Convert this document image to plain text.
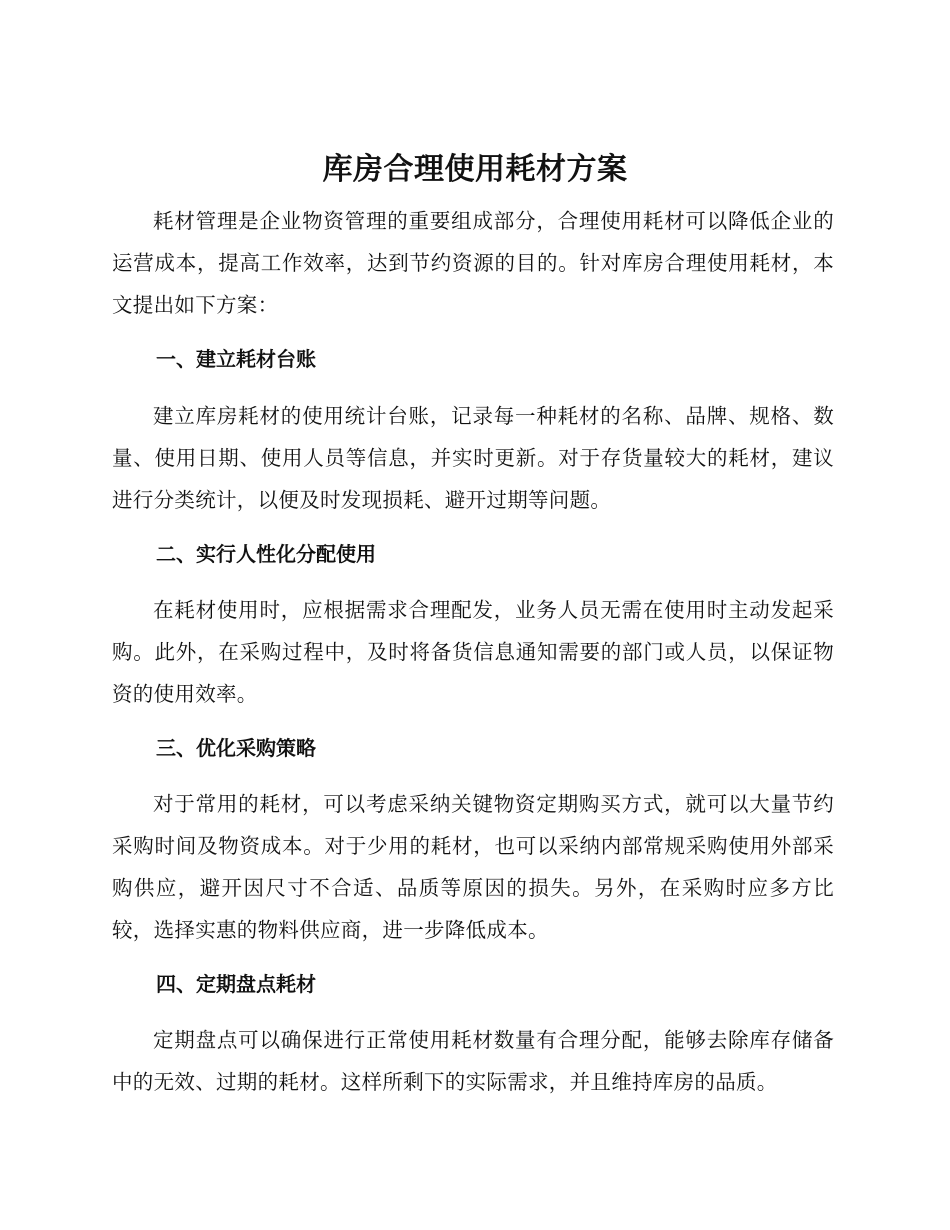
库房合理使用耗材方案

耗材管理是企业物资管理的重要组成部分，合理使用耗材可以降低企业的运营成本，提高工作效率，达到节约资源的目的。针对库房合理使用耗材，本文提出如下方案：

一、建立耗材台账

建立库房耗材的使用统计台账，记录每一种耗材的名称、品牌、规格、数量、使用日期、使用人员等信息，并实时更新。对于存货量较大的耗材，建议进行分类统计，以便及时发现损耗、避开过期等问题。

二、实行人性化分配使用

在耗材使用时，应根据需求合理配发，业务人员无需在使用时主动发起采购。此外，在采购过程中，及时将备货信息通知需要的部门或人员，以保证物资的使用效率。

三、优化采购策略

对于常用的耗材，可以考虑采纳关键物资定期购买方式，就可以大量节约采购时间及物资成本。对于少用的耗材，也可以采纳内部常规采购使用外部采购供应，避开因尺寸不合适、品质等原因的损失。另外，在采购时应多方比较，选择实惠的物料供应商，进一步降低成本。

四、定期盘点耗材

定期盘点可以确保进行正常使用耗材数量有合理分配，能够去除库存储备中的无效、过期的耗材。这样所剩下的实际需求，并且维持库房的品质。
